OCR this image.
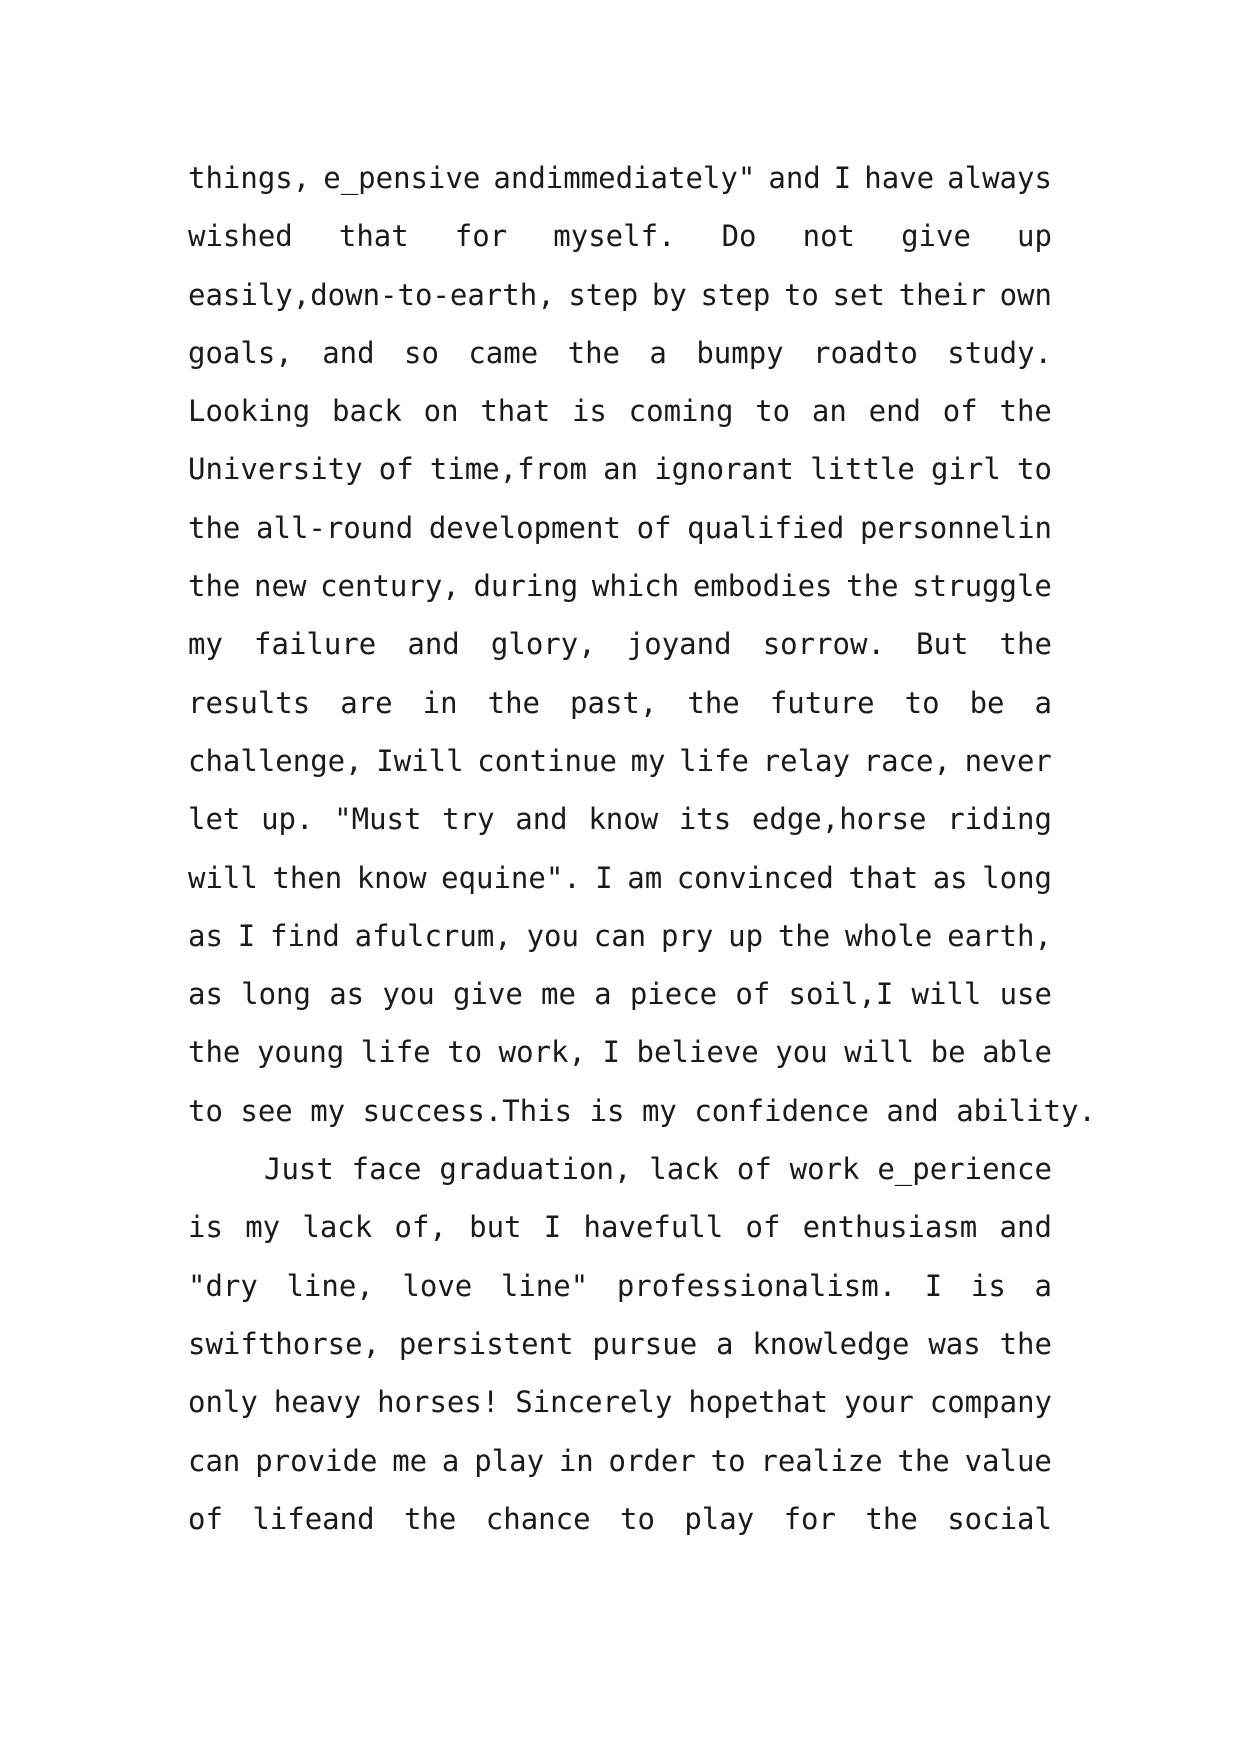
things, e_pensive andimmediately" and I have always
wished that for myself. Do not give up
easily,down-to-earth, step by step to set their own
goals, and so came the a bumpy roadto study.
Looking back on that is coming to an end of the
University of time,from an ignorant little girl to
the all-round development of qualified personnelin
the new century, during which embodies the struggle
my failure and glory, joyand sorrow. But the
results are in the past, the future to be a
challenge, Iwill continue my life relay race, never
let up. "Must try and know its edge,horse riding
will then know equine". I am convinced that as long
as I find afulcrum, you can pry up the whole earth,
as long as you give me a piece of soil,I will use
the young life to work, I believe you will be able
to see my success.This is my confidence and ability.
Just face graduation, lack of work e_perience
is my lack of, but I havefull of enthusiasm and
"dry line, love line" professionalism. I is a
swifthorse, persistent pursue a knowledge was the
only heavy horses! Sincerely hopethat your company
can provide me a play in order to realize the value
of lifeand the chance to play for the social
